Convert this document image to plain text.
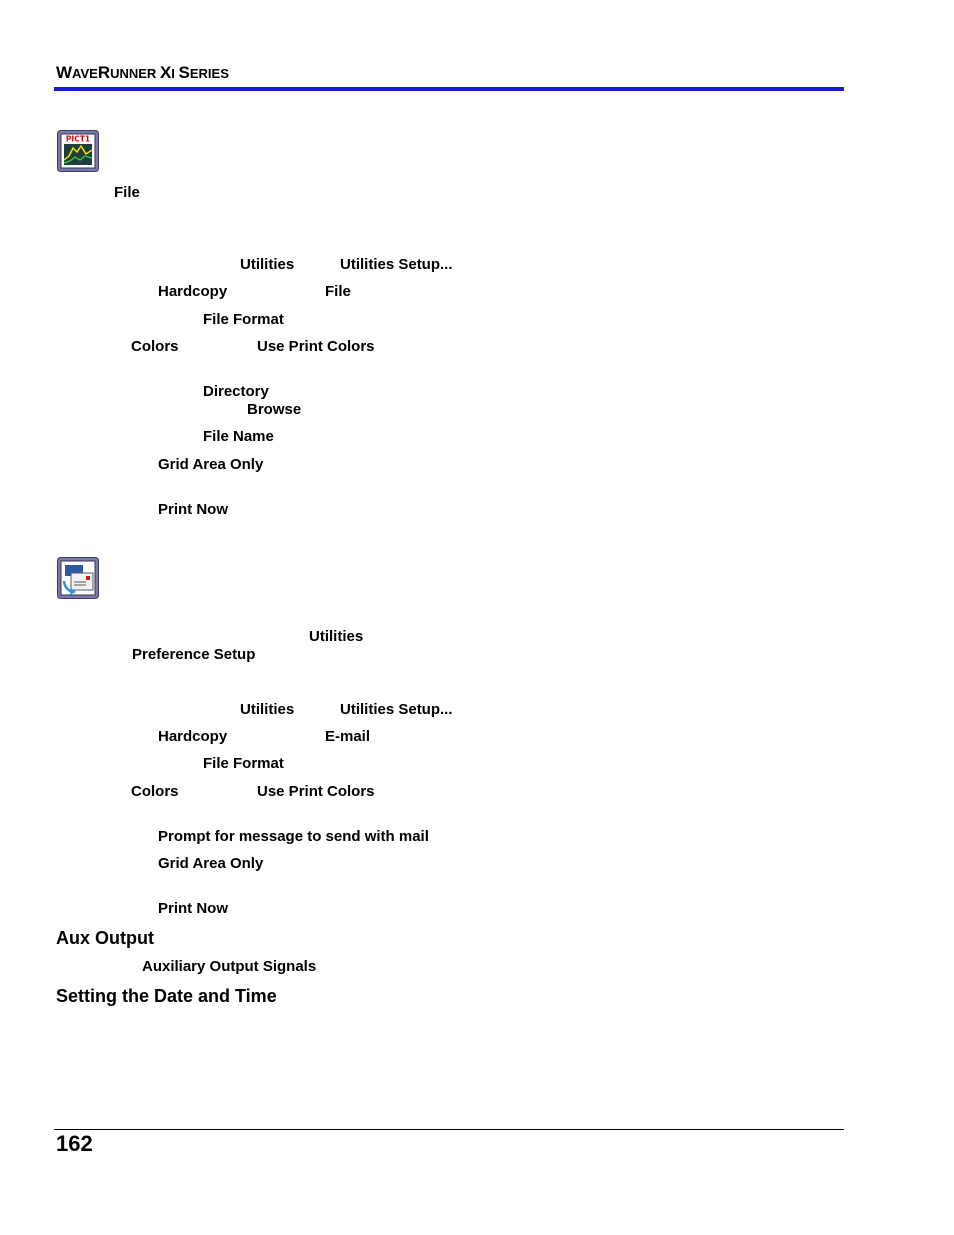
WAVERUNNER XI SERIES
PICT1
File
Utilities	Utilities Setup...
Hardcopy	File
File Format
Colors	Use Print Colors
Directory
Browse
File Name
Grid Area Only
Print Now
Utilities
Preference Setup
Utilities	Utilities Setup...
Hardcopy	E-mail
File Format
Colors	Use Print Colors
Prompt for message to send with mail
Grid Area Only
Print Now
Aux Output
Auxiliary Output Signals
Setting the Date and Time
162
